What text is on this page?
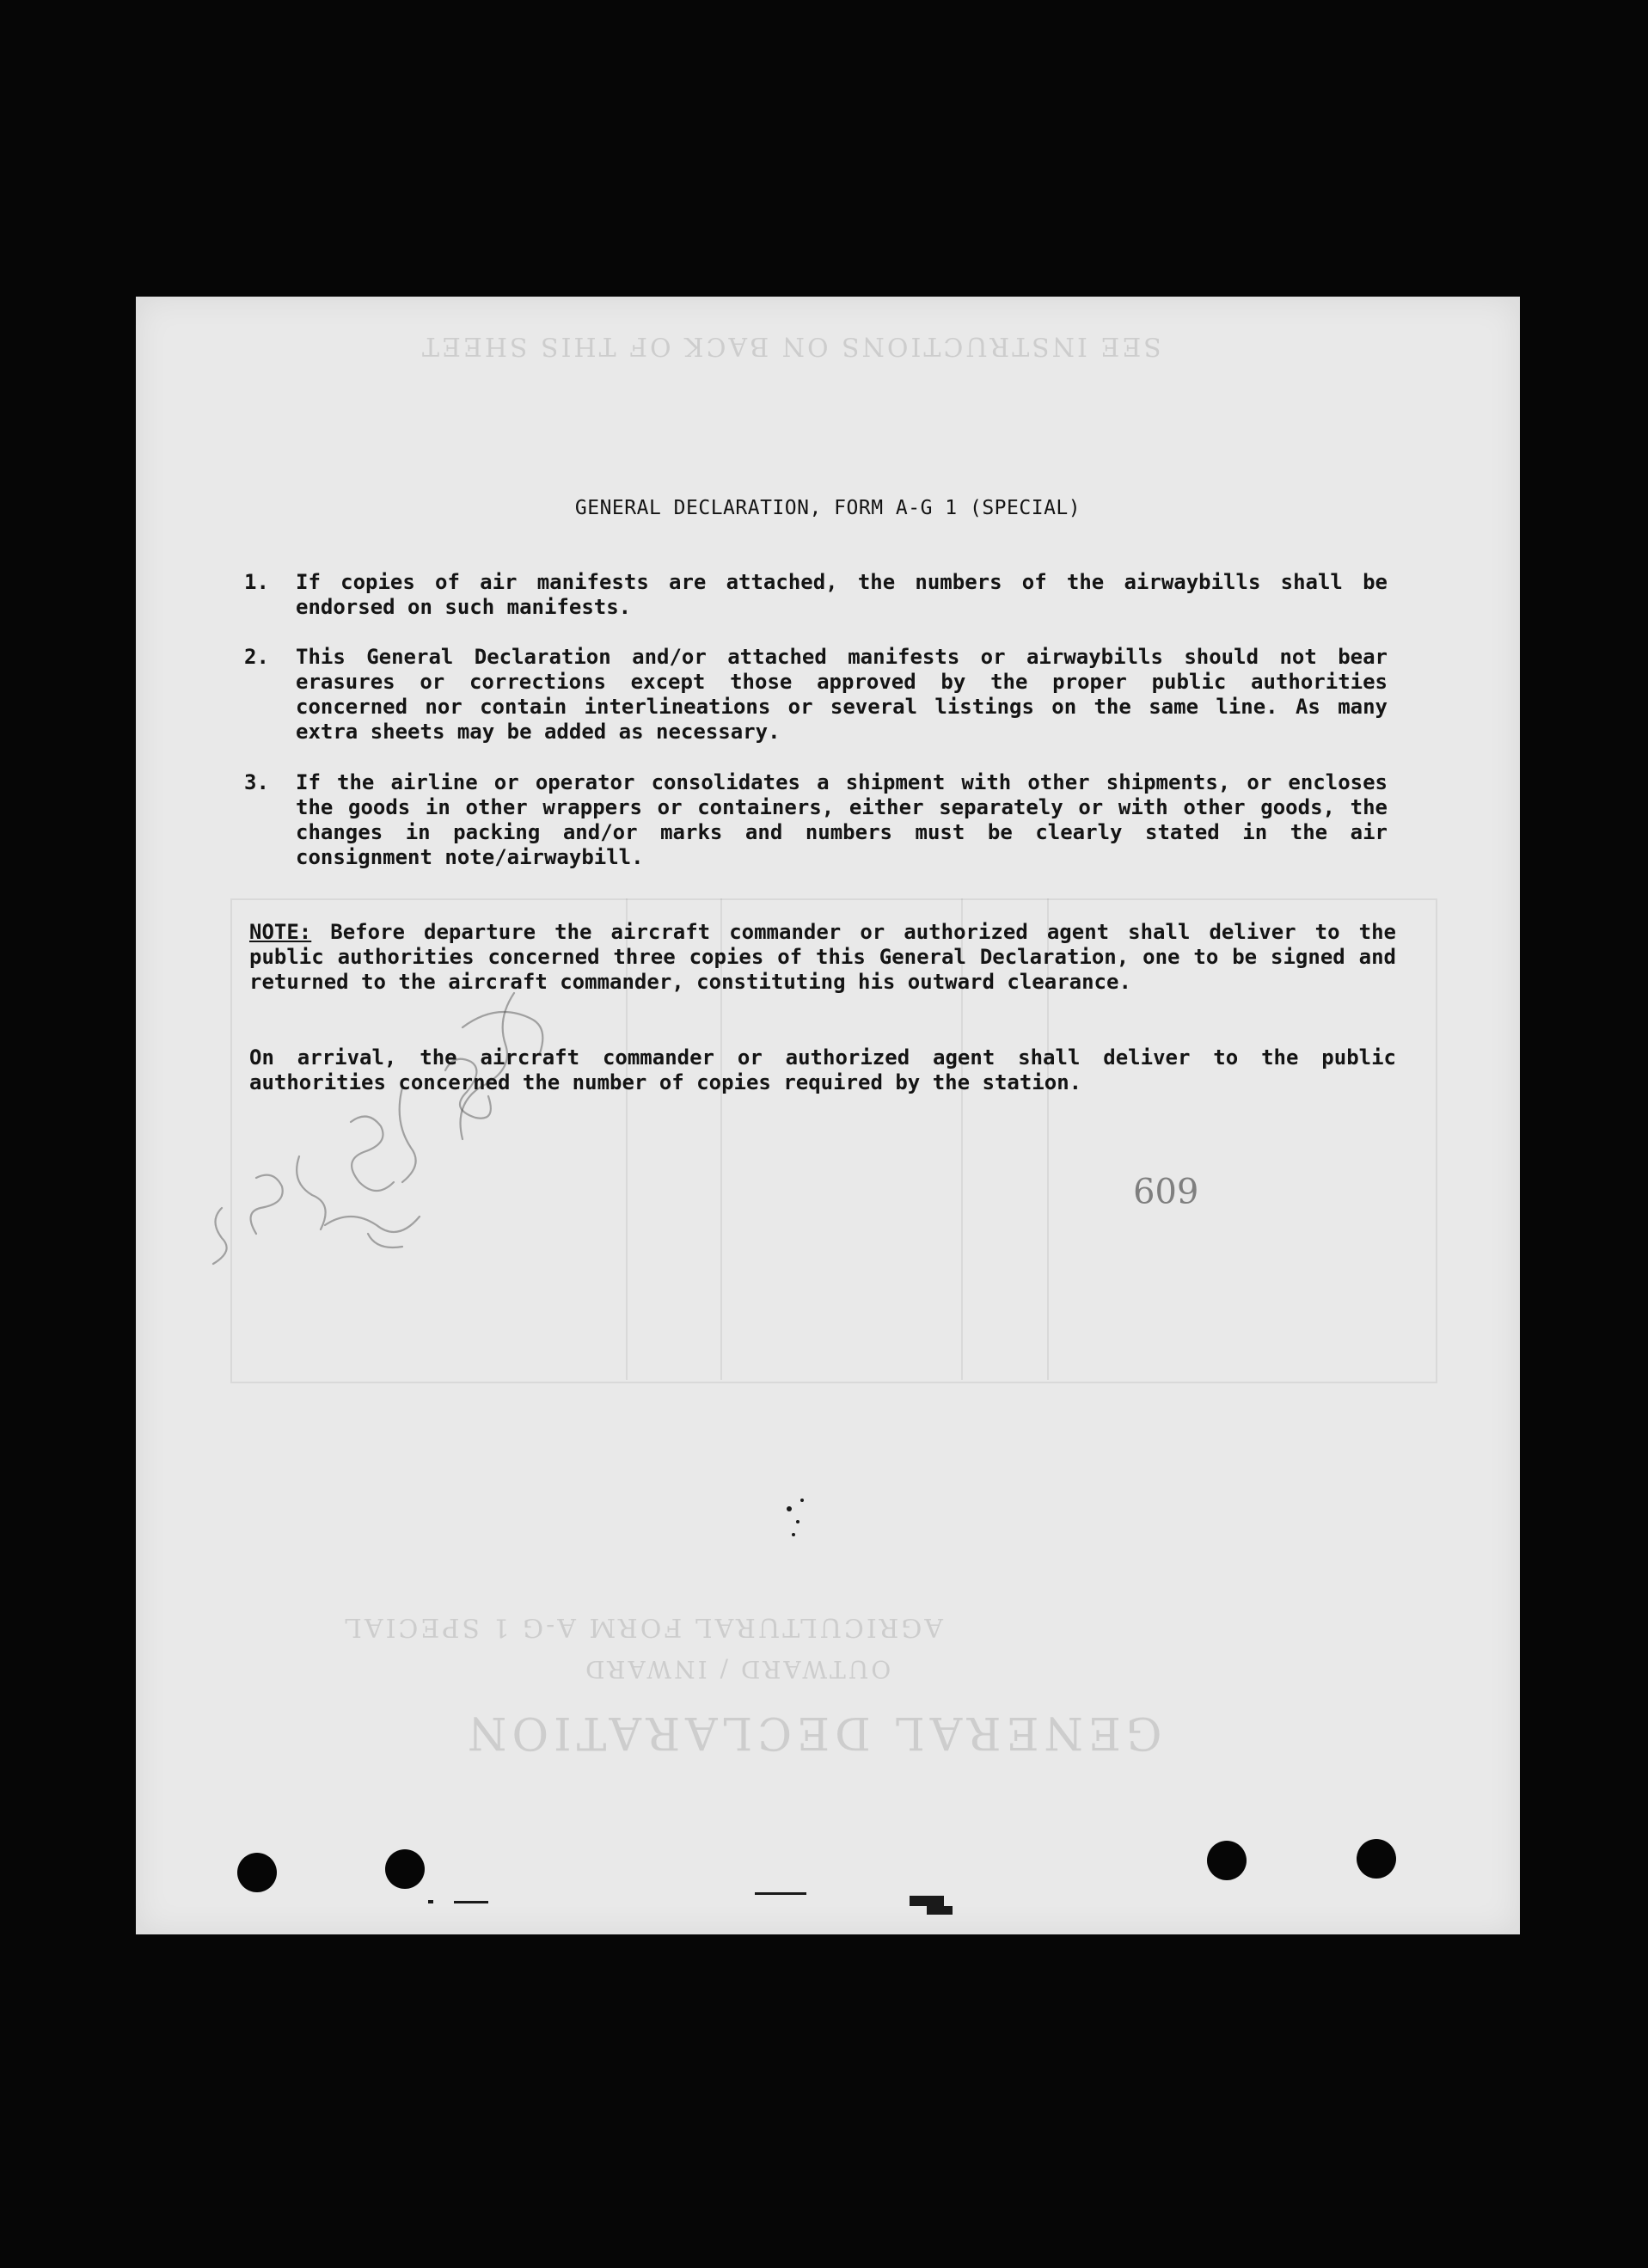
SEE INSTRUCTIONS ON BACK OF THIS SHEET
GENERAL DECLARATION
OUTWARD / INWARD
AGRICULTURAL FORM A-G 1 SPECIAL
GENERAL DECLARATION, FORM A-G 1 (SPECIAL)
1. If copies of air manifests are attached, the numbers of the airwaybills shall be endorsed on such manifests.
2. This General Declaration and/or attached manifests or airwaybills should not bear erasures or corrections except those approved by the proper public authorities concerned nor contain interlineations or several listings on the same line. As many extra sheets may be added as necessary.
3. If the airline or operator consolidates a shipment with other shipments, or encloses the goods in other wrappers or containers, either separately or with other goods, the changes in packing and/or marks and numbers must be clearly stated in the air consignment note/airwaybill.
NOTE: Before departure the aircraft commander or authorized agent shall deliver to the public authorities concerned three copies of this General Declaration, one to be signed and returned to the aircraft commander, constituting his outward clearance.
On arrival, the aircraft commander or authorized agent shall deliver to the public authorities concerned the number of copies required by the station.
609
